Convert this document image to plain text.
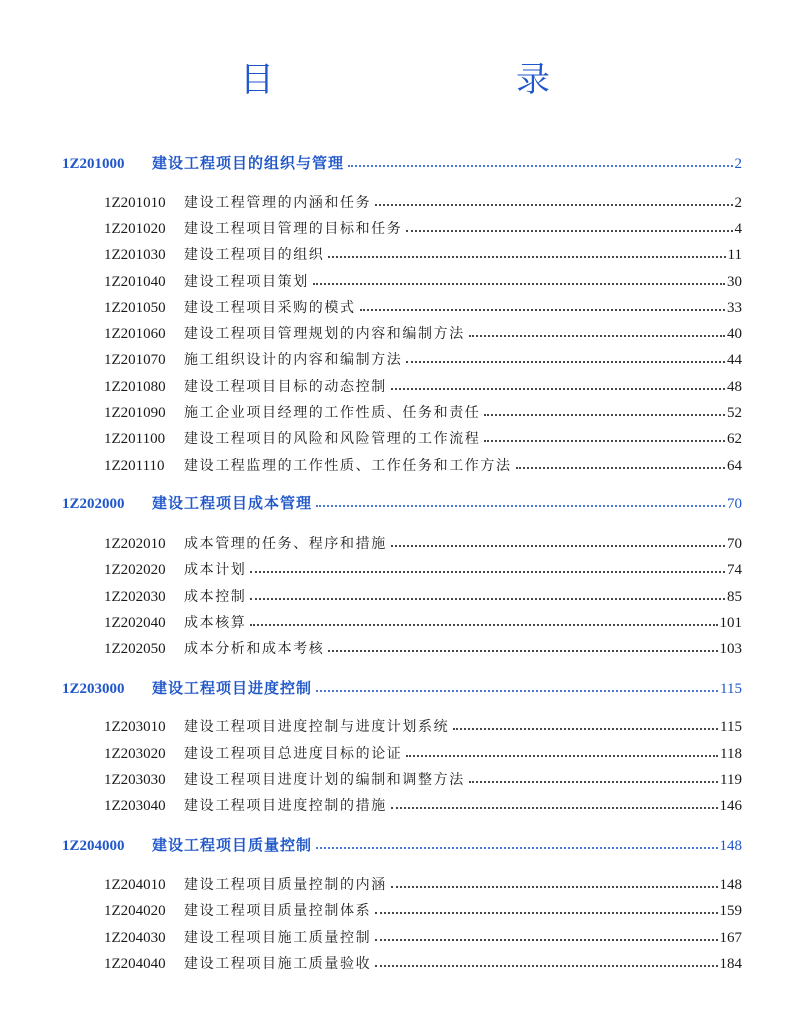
目　　录
1Z201000	建设工程项目的组织与管理	2
1Z201010	建设工程管理的内涵和任务	2
1Z201020	建设工程项目管理的目标和任务	4
1Z201030	建设工程项目的组织	11
1Z201040	建设工程项目策划	30
1Z201050	建设工程项目采购的模式	33
1Z201060	建设工程项目管理规划的内容和编制方法	40
1Z201070	施工组织设计的内容和编制方法	44
1Z201080	建设工程项目目标的动态控制	48
1Z201090	施工企业项目经理的工作性质、任务和责任	52
1Z201100	建设工程项目的风险和风险管理的工作流程	62
1Z201110	建设工程监理的工作性质、工作任务和工作方法	64
1Z202000	建设工程项目成本管理	70
1Z202010	成本管理的任务、程序和措施	70
1Z202020	成本计划	74
1Z202030	成本控制	85
1Z202040	成本核算	101
1Z202050	成本分析和成本考核	103
1Z203000	建设工程项目进度控制	115
1Z203010	建设工程项目进度控制与进度计划系统	115
1Z203020	建设工程项目总进度目标的论证	118
1Z203030	建设工程项目进度计划的编制和调整方法	119
1Z203040	建设工程项目进度控制的措施	146
1Z204000	建设工程项目质量控制	148
1Z204010	建设工程项目质量控制的内涵	148
1Z204020	建设工程项目质量控制体系	159
1Z204030	建设工程项目施工质量控制	167
1Z204040	建设工程项目施工质量验收	184
